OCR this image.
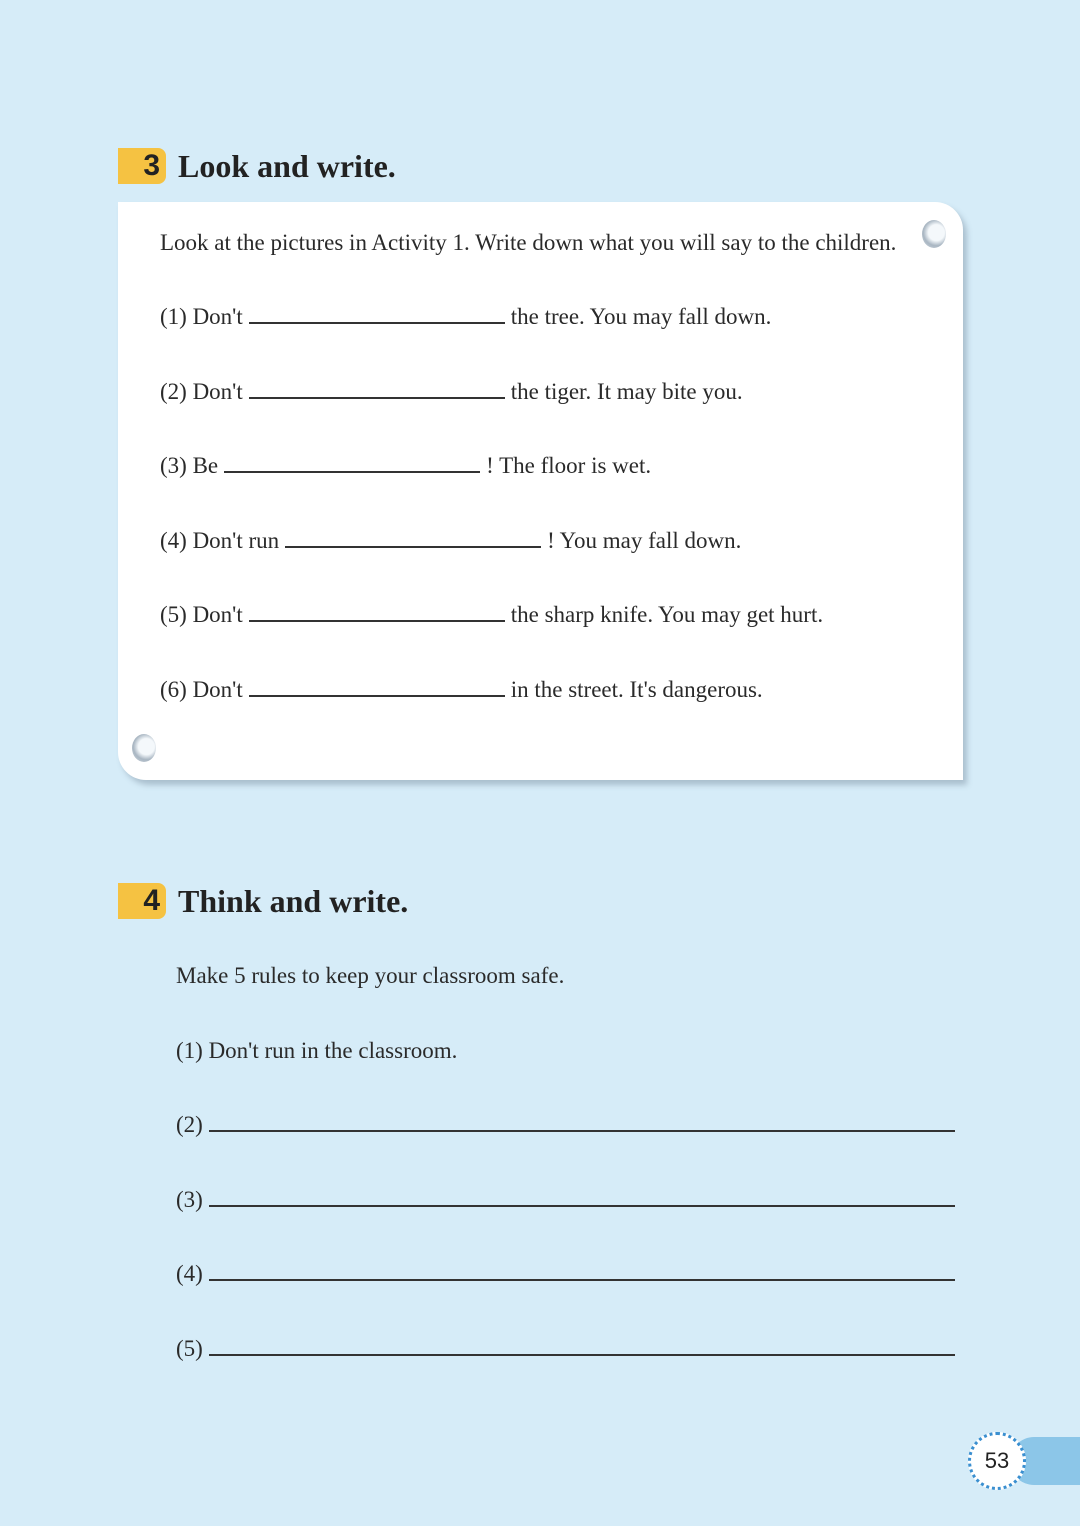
3 Look and write.
Look at the pictures in Activity 1. Write down what you will say to the children.
(1) Don't	the tree. You may fall down.
(2) Don't	the tiger. It may bite you.
(3) Be	! The floor is wet.
(4) Don't run	! You may fall down.
(5) Don't	the sharp knife. You may get hurt.
(6) Don't	in the street. It's dangerous.
4 Think and write.
Make 5 rules to keep your classroom safe.
(1) Don't run in the classroom.
(2)
(3)
(4)
(5)
53
